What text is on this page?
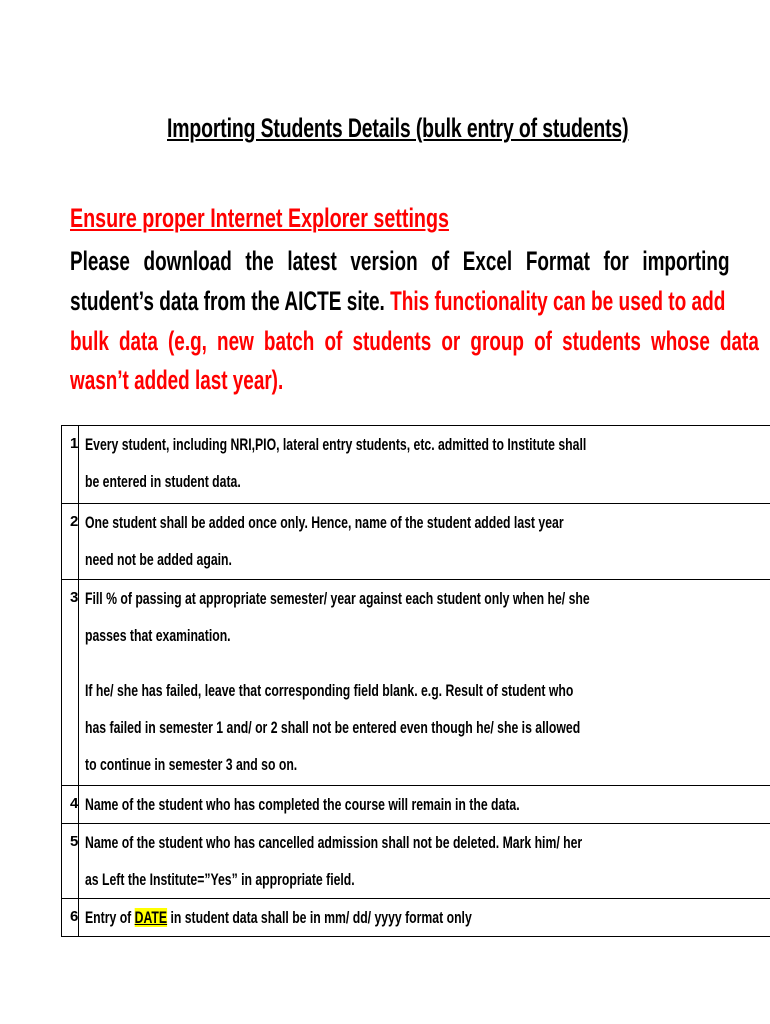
Importing Students Details (bulk entry of students)
Ensure proper Internet Explorer settings
Please download the latest version of Excel Format for importing
student’s data from the AICTE site. This functionality can be used to add
bulk data (e.g, new batch of students or group of students whose data
wasn’t added last year).
1	Every student, including NRI,PIO, lateral entry students, etc. admitted to Institute shall
be entered in student data.

2	One student shall be added once only. Hence, name of the student added last year
need not be added again.

3	Fill % of passing at appropriate semester/ year against each student only when he/ she
passes that examination.
If he/ she has failed, leave that corresponding field blank. e.g. Result of student who
has failed in semester 1 and/ or 2 shall not be entered even though he/ she is allowed
to continue in semester 3 and so on.

4	Name of the student who has completed the course will remain in the data.

5	Name of the student who has cancelled admission shall not be deleted. Mark him/ her
as Left the Institute=”Yes” in appropriate field.

6	Entry of DATE in student data shall be in mm/ dd/ yyyy format only
